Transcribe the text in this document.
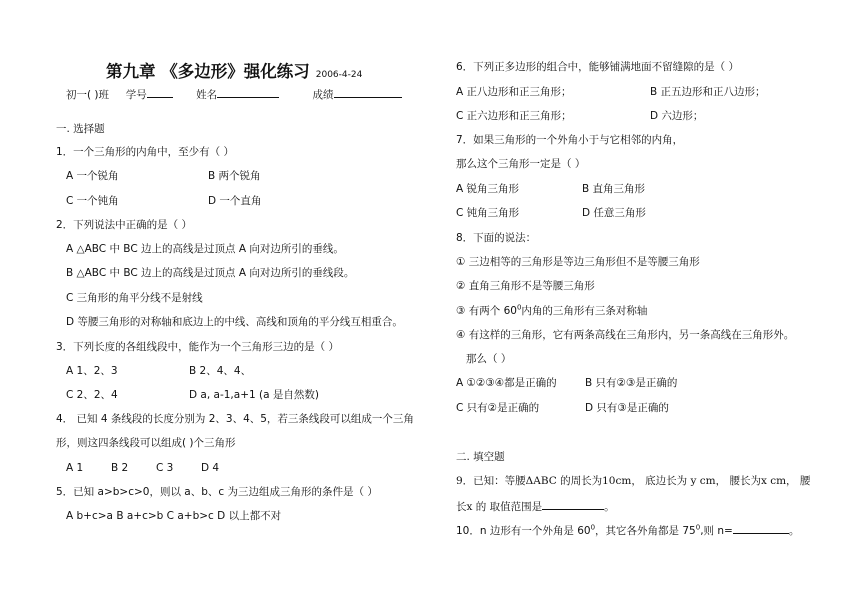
第九章 《多边形》强化练习 2006-4-24
初一( )班 学号	姓名	成绩
一. 选择题
1．一个三角形的内角中，至少有（ ）
A 一个锐角	B 两个锐角
C 一个钝角	D 一个直角
2．下列说法中正确的是（ ）
A △ABC 中 BC 边上的高线是过顶点 A 向对边所引的垂线。
B △ABC 中 BC 边上的高线是过顶点 A 向对边所引的垂线段。
C 三角形的角平分线不是射线
D 等腰三角形的对称轴和底边上的中线、高线和顶角的平分线互相重合。
3．下列长度的各组线段中，能作为一个三角形三边的是（ ）
A 1、2、3	B 2、4、4、
C 2、2、4	D a, a-1,a+1 (a 是自然数)
4． 已知 4 条线段的长度分别为 2、3、4、5，若三条线段可以组成一个三角
形，则这四条线段可以组成( )个三角形
A 1	B 2	C 3	D 4
5．已知 a>b>c>0，则以 a、b、c 为三边组成三角形的条件是（ ）
A b+c>a B a+c>b C a+b>c D 以上都不对
6．下列正多边形的组合中，能够铺满地面不留缝隙的是（ ）
A 正八边形和正三角形；	B 正五边形和正八边形；
C 正六边形和正三角形；	D 六边形；
7．如果三角形的一个外角小于与它相邻的内角，
那么这个三角形一定是（ ）
A 锐角三角形	B 直角三角形
C 钝角三角形	D 任意三角形
8．下面的说法：
① 三边相等的三角形是等边三角形但不是等腰三角形
② 直角三角形不是等腰三角形
③ 有两个 $60^0$内角的三角形有三条对称轴
④ 有这样的三角形，它有两条高线在三角形内，另一条高线在三角形外。
那么（ ）
A ①②③④都是正确的	B 只有②③是正确的
C 只有②是正确的	D 只有③是正确的
二. 填空题
9．已知：等腰ΔABC 的周长为10cm， 底边长为 y cm， 腰长为x cm， 腰
长x 的 取值范围是	。
10．n 边形有一个外角是 $60^0$，其它各外角都是 $75^0$,则 n=	。
